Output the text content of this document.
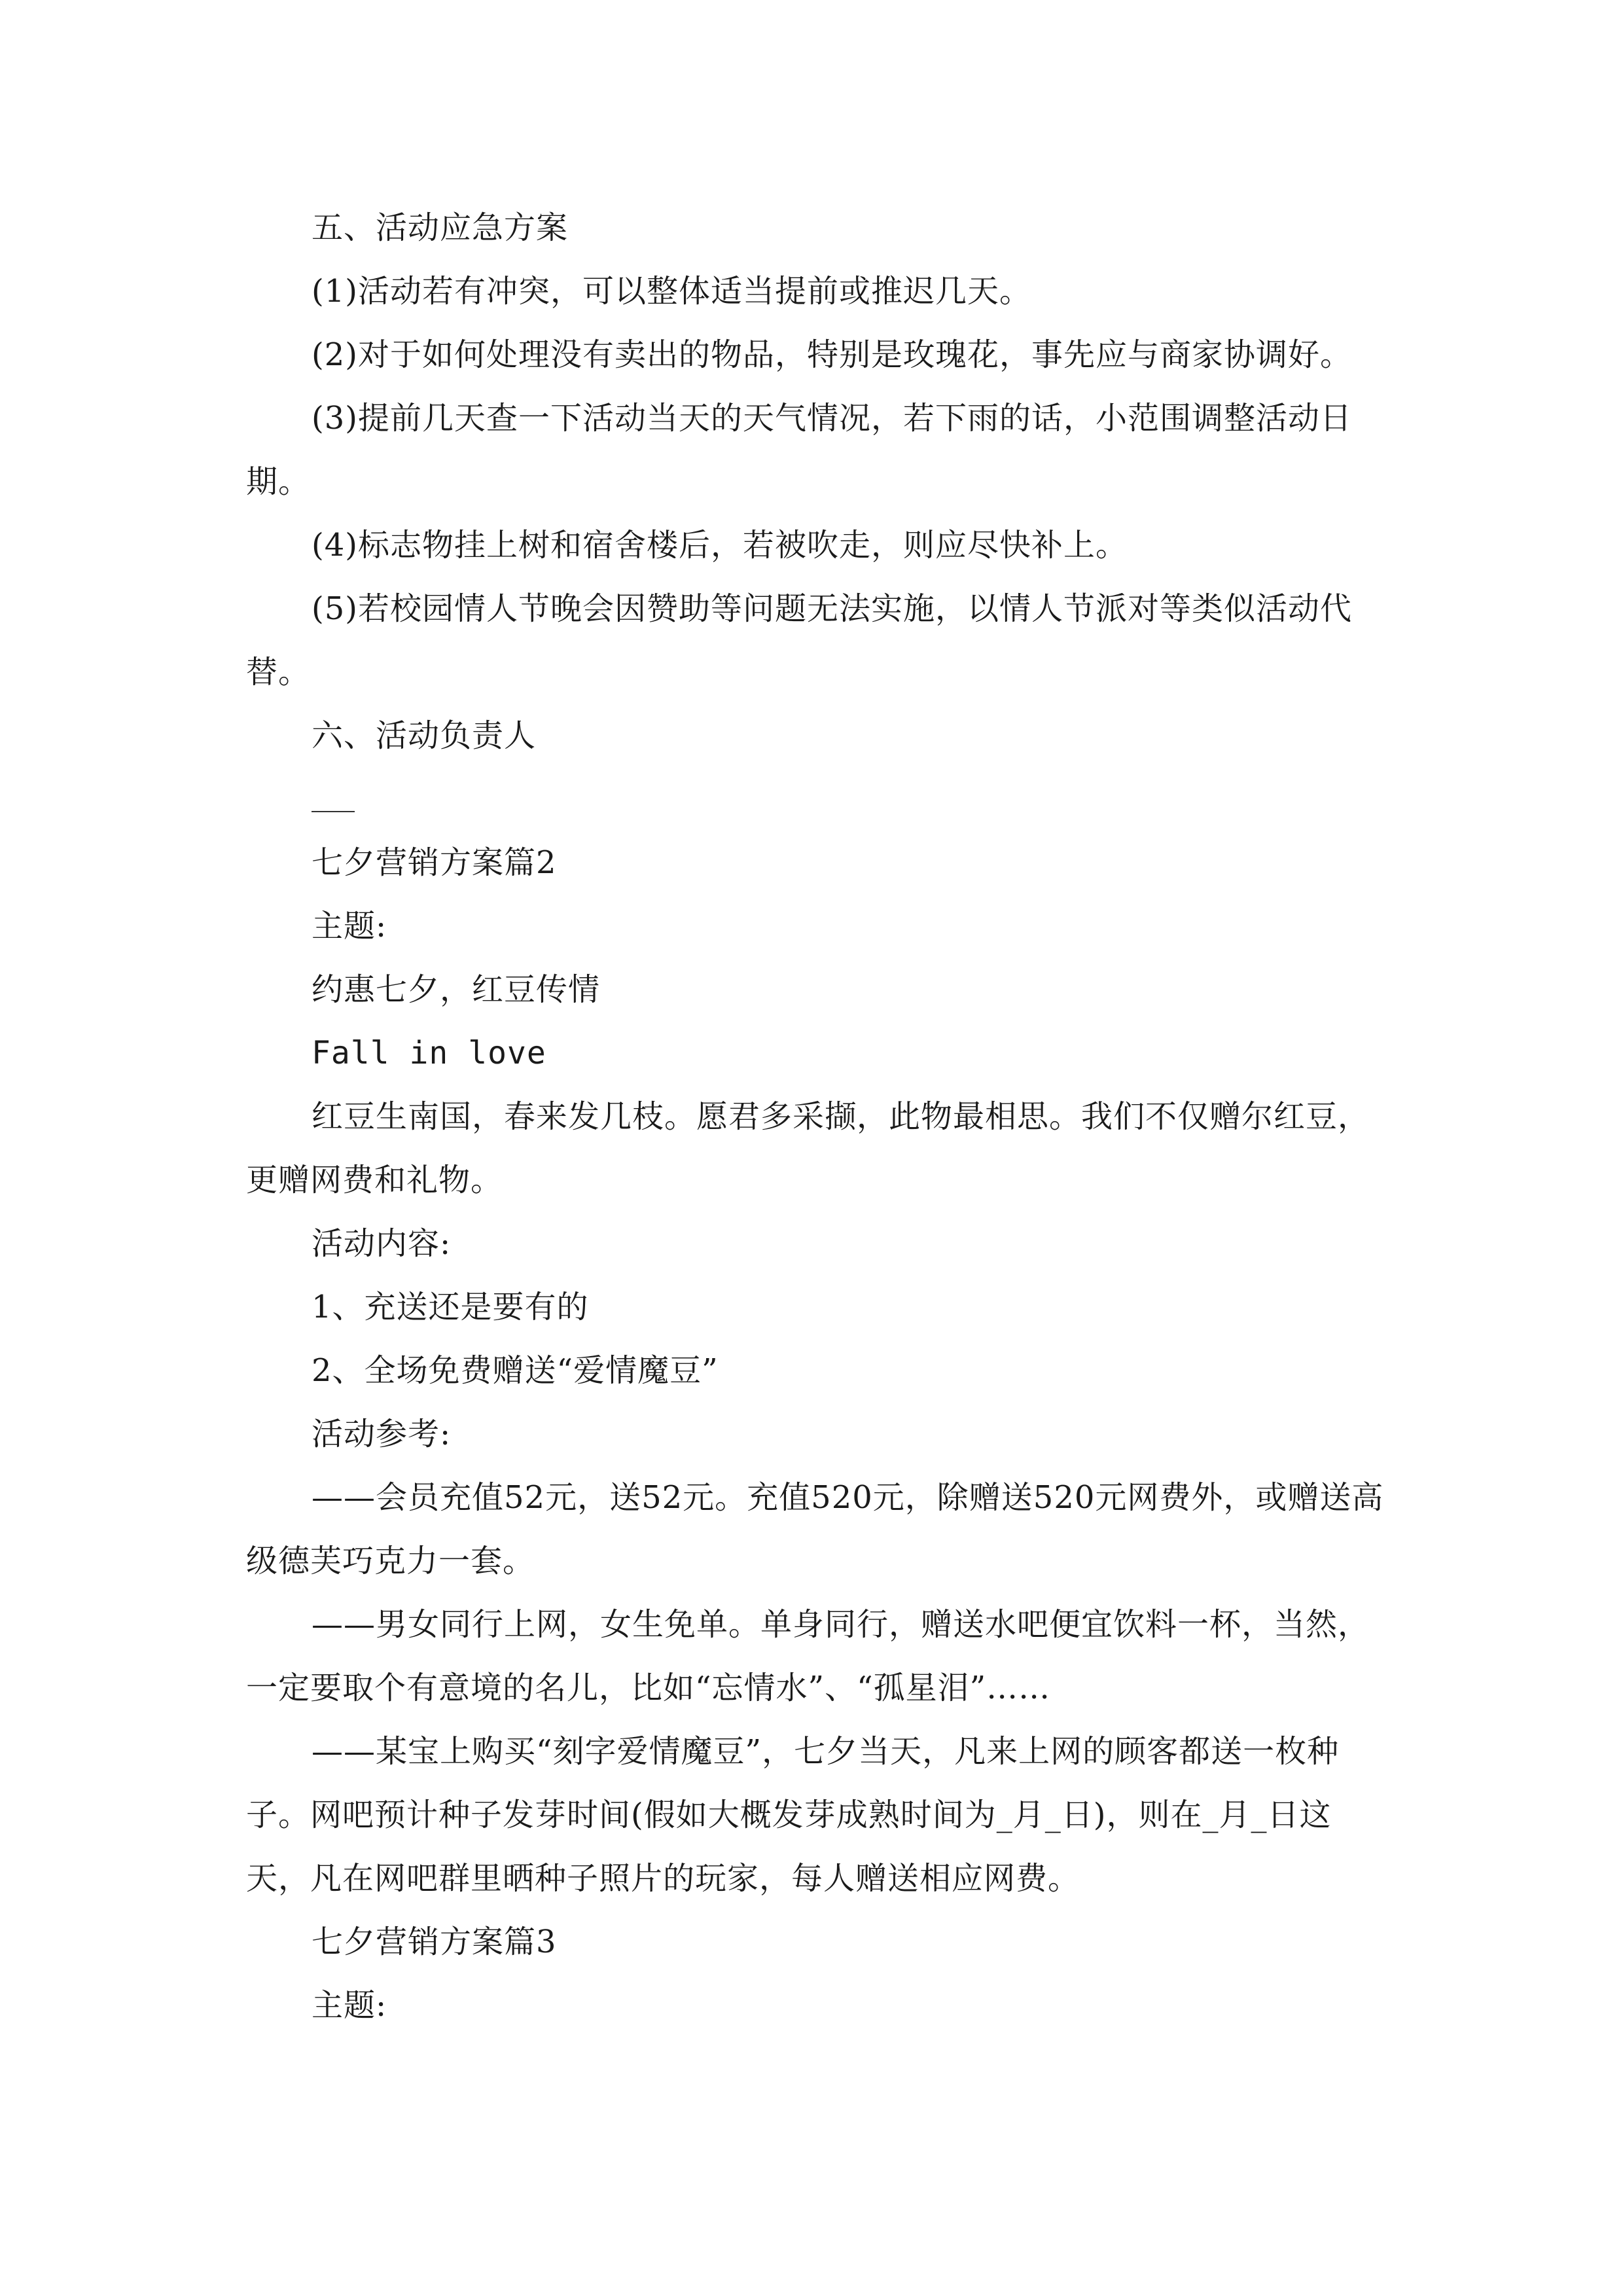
五、活动应急方案

(1)活动若有冲突，可以整体适当提前或推迟几天。

(2)对于如何处理没有卖出的物品，特别是玫瑰花，事先应与商家协调好。

(3)提前几天查一下活动当天的天气情况，若下雨的话，小范围调整活动日期。

(4)标志物挂上树和宿舍楼后，若被吹走，则应尽快补上。

(5)若校园情人节晚会因赞助等问题无法实施，以情人节派对等类似活动代替。

六、活动负责人

七夕营销方案篇2

主题:

约惠七夕，红豆传情

Fall in love

红豆生南国，春来发几枝。愿君多采撷，此物最相思。我们不仅赠尔红豆，更赠网费和礼物。

活动内容:

1、充送还是要有的

2、全场免费赠送“爱情魔豆”

活动参考:

——会员充值52元，送52元。充值520元，除赠送520元网费外，或赠送高级德芙巧克力一套。

——男女同行上网，女生免单。单身同行，赠送水吧便宜饮料一杯，当然，一定要取个有意境的名儿，比如“忘情水”、“孤星泪”……

——某宝上购买“刻字爱情魔豆”，七夕当天，凡来上网的顾客都送一枚种子。网吧预计种子发芽时间(假如大概发芽成熟时间为_月_日)，则在_月_日这天，凡在网吧群里晒种子照片的玩家，每人赠送相应网费。

七夕营销方案篇3

主题:
